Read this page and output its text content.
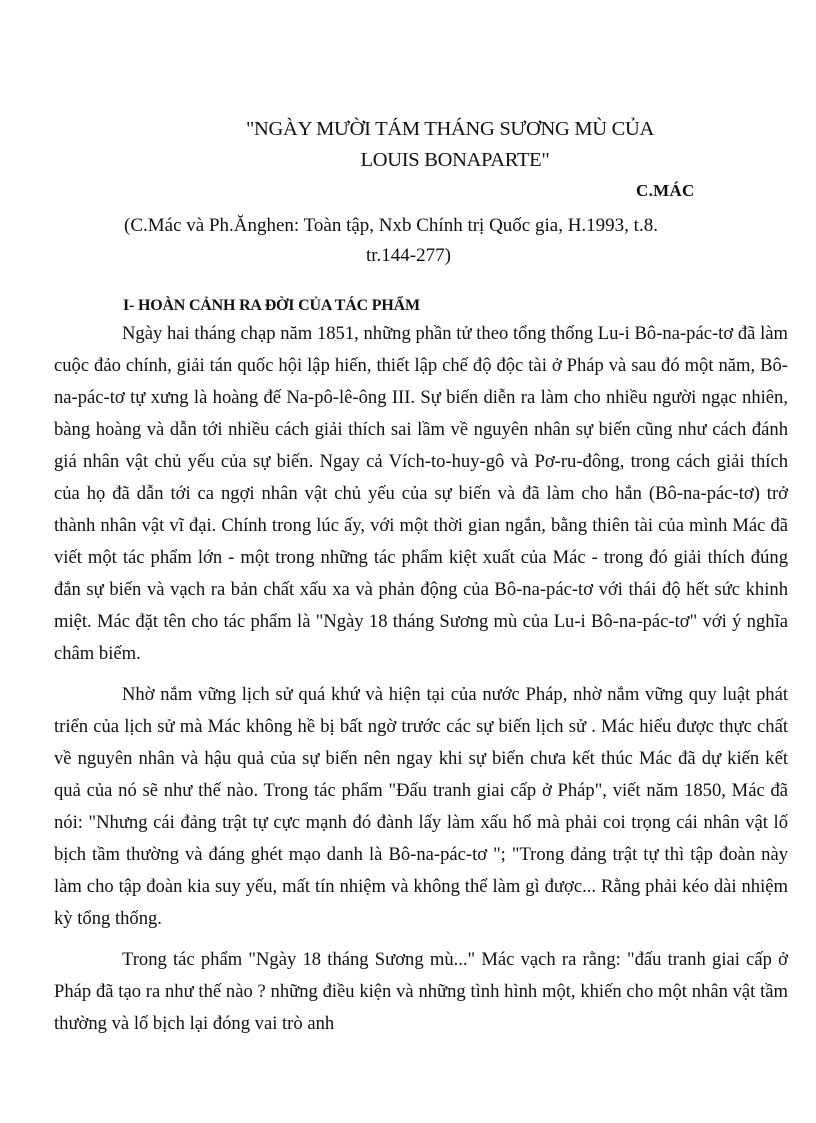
"NGÀY MƯỜI TÁM THÁNG SƯƠNG MÙ CỦA
LOUIS BONAPARTE"
C.MÁC
(C.Mác và Ph.Ănghen: Toàn tập, Nxb Chính trị Quốc gia, H.1993, t.8.
tr.144-277)
I- HOÀN CẢNH RA ĐỜI CỦA TÁC PHẨM

Ngày hai tháng chạp năm 1851, những phần tử theo tổng thống Lu-i Bô-na-pác-tơ đã làm cuộc đảo chính, giải tán quốc hội lập hiến, thiết lập chế độ độc tài ở Pháp và sau đó một năm, Bô-na-pác-tơ tự xưng là hoàng đế Na-pô-lê-ông III. Sự biến diễn ra làm cho nhiều người ngạc nhiên, bàng hoàng và dẫn tới nhiều cách giải thích sai lầm về nguyên nhân sự biến cũng như cách đánh giá nhân vật chủ yếu của sự biến. Ngay cả Vích-to-huy-gô và Pơ-ru-đông, trong cách giải thích của họ đã dẫn tới ca ngợi nhân vật chủ yếu của sự biến và đã làm cho hắn (Bô-na-pác-tơ) trở thành nhân vật vĩ đại. Chính trong lúc ấy, với một thời gian ngắn, bằng thiên tài của mình Mác đã viết một tác phẩm lớn - một trong những tác phẩm kiệt xuất của Mác - trong đó giải thích đúng đắn sự biến và vạch ra bản chất xấu xa và phản động của Bô-na-pác-tơ với thái độ hết sức khinh miệt. Mác đặt tên cho tác phẩm là "Ngày 18 tháng Sương mù của Lu-i Bô-na-pác-tơ" với ý nghĩa châm biếm.

Nhờ nắm vững lịch sử quá khứ và hiện tại của nước Pháp, nhờ nắm vững quy luật phát triển của lịch sử mà Mác không hề bị bất ngờ trước các sự biến lịch sử . Mác hiểu được thực chất về nguyên nhân và hậu quả của sự biến nên ngay khi sự biến chưa kết thúc Mác đã dự kiến kết quả của nó sẽ như thế nào. Trong tác phẩm "Đấu tranh giai cấp ở Pháp", viết năm 1850, Mác đã nói: "Nhưng cái đảng trật tự cực mạnh đó đành lấy làm xấu hổ mà phải coi trọng cái nhân vật lố bịch tầm thường và đáng ghét mạo danh là Bô-na-pác-tơ "; "Trong đảng trật tự thì tập đoàn này làm cho tập đoàn kia suy yếu, mất tín nhiệm và không thể làm gì được... Rằng phải kéo dài nhiệm kỳ tổng thống.

Trong tác phẩm "Ngày 18 tháng Sương mù..." Mác vạch ra rằng: "đấu tranh giai cấp ở Pháp đã tạo ra như thế nào ? những điều kiện và những tình hình một, khiến cho một nhân vật tầm thường và lố bịch lại đóng vai trò anh
